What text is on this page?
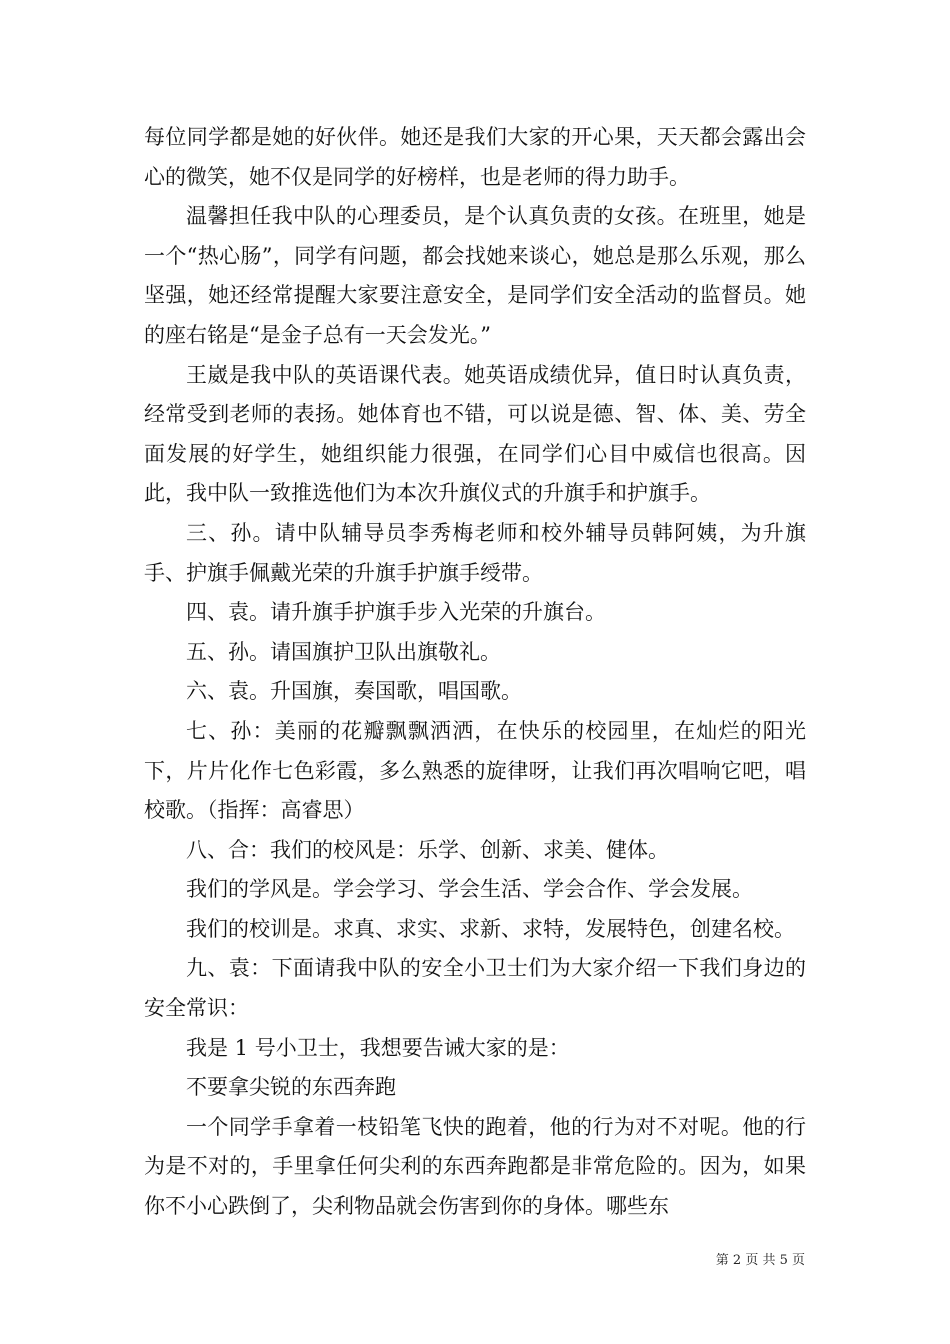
每位同学都是她的好伙伴。她还是我们大家的开心果，天天都会露出会心的微笑，她不仅是同学的好榜样，也是老师的得力助手。

温馨担任我中队的心理委员，是个认真负责的女孩。在班里，她是一个“热心肠”，同学有问题，都会找她来谈心，她总是那么乐观，那么坚强，她还经常提醒大家要注意安全，是同学们安全活动的监督员。她的座右铭是“是金子总有一天会发光。”

王崴是我中队的英语课代表。她英语成绩优异，值日时认真负责，经常受到老师的表扬。她体育也不错，可以说是德、智、体、美、劳全面发展的好学生，她组织能力很强，在同学们心目中威信也很高。因此，我中队一致推选他们为本次升旗仪式的升旗手和护旗手。

三、孙。请中队辅导员李秀梅老师和校外辅导员韩阿姨，为升旗手、护旗手佩戴光荣的升旗手护旗手绶带。

四、袁。请升旗手护旗手步入光荣的升旗台。

五、孙。请国旗护卫队出旗敬礼。

六、袁。升国旗，奏国歌，唱国歌。

七、孙：美丽的花瓣飘飘洒洒，在快乐的校园里，在灿烂的阳光下，片片化作七色彩霞，多么熟悉的旋律呀，让我们再次唱响它吧，唱校歌。（指挥：高睿思）

八、合：我们的校风是：乐学、创新、求美、健体。

我们的学风是。学会学习、学会生活、学会合作、学会发展。

我们的校训是。求真、求实、求新、求特，发展特色，创建名校。

九、袁：下面请我中队的安全小卫士们为大家介绍一下我们身边的安全常识：

我是 1 号小卫士，我想要告诫大家的是：

不要拿尖锐的东西奔跑

一个同学手拿着一枝铅笔飞快的跑着，他的行为对不对呢。他的行为是不对的，手里拿任何尖利的东西奔跑都是非常危险的。因为，如果你不小心跌倒了，尖利物品就会伤害到你的身体。哪些东

第 2 页 共 5 页
